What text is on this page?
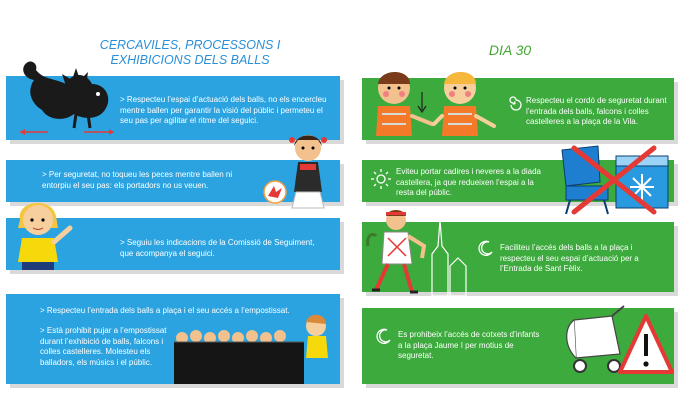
CERCAVILES, PROCESSONS I
EXHIBICIONS DELS BALLS
DIA 30
> Respecteu l’espai d’actuació dels balls, no els encercleu mentre ballen per garantir la visió del públic i permeteu el seu pas per agilitar el ritme del seguici.
> Per seguretat, no toqueu les peces mentre ballen ni entorpiu el seu pas: els portadors no us veuen.
> Seguiu les indicacions de la Comissió de Seguiment, que acompanya el seguici.
> Respecteu l’entrada dels balls a plaça i el seu accés a l’empostissat.
> Està prohibit pujar a l’empostissat durant l’exhibició de balls, falcons i colles castelleres. Molesteu els balladors, els músics i el públic.
Respecteu el cordó de seguretat durant l’entrada dels balls, falcons i colles castelleres a la plaça de la Vila.
Eviteu portar cadires i neveres a la diada castellera, ja que redueixen l’espai a la resta del públic.
Faciliteu l’accés dels balls a la plaça i respecteu el seu espai d’actuació per a l’Entrada de Sant Fèlix.
Es prohibeix l’accés de cotxets d’infants a la plaça Jaume I per motius de seguretat.
